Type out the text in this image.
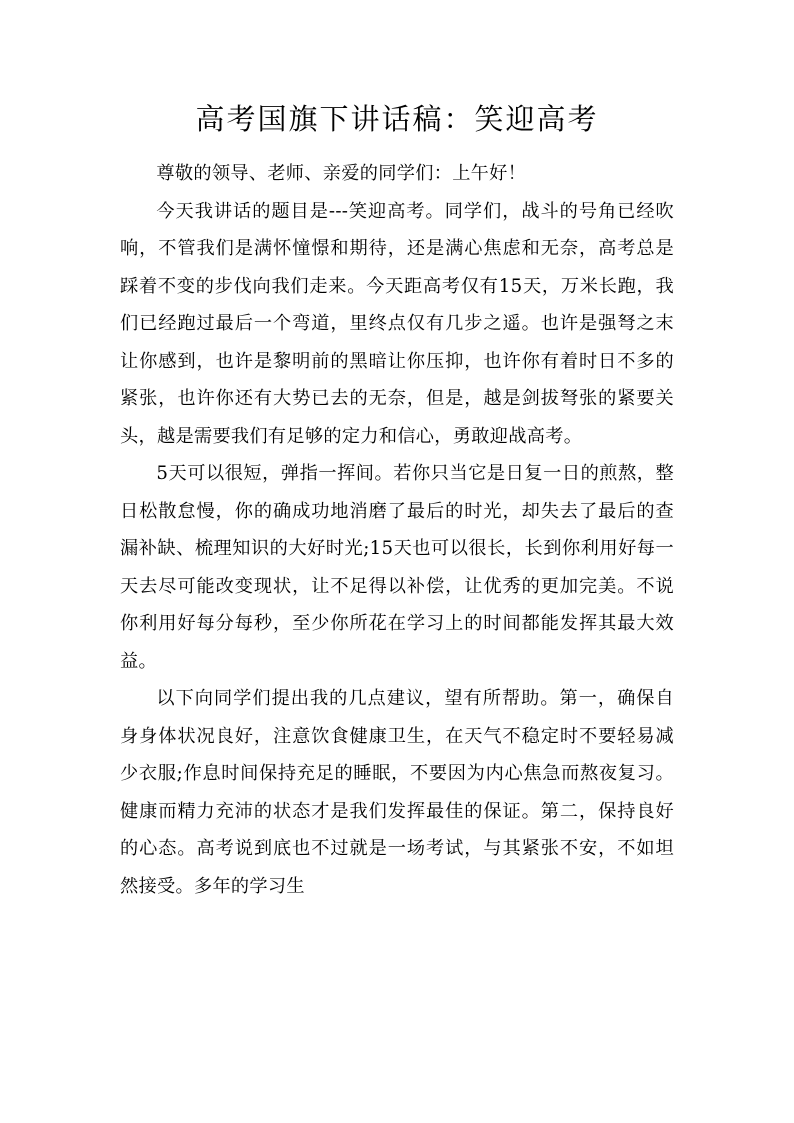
高考国旗下讲话稿：笑迎高考

尊敬的领导、老师、亲爱的同学们：上午好！

今天我讲话的题目是---笑迎高考。同学们，战斗的号角已经吹响，不管我们是满怀憧憬和期待，还是满心焦虑和无奈，高考总是踩着不变的步伐向我们走来。今天距高考仅有15天，万米长跑，我们已经跑过最后一个弯道，里终点仅有几步之遥。也许是强弩之末让你感到，也许是黎明前的黑暗让你压抑，也许你有着时日不多的紧张，也许你还有大势已去的无奈，但是，越是剑拔弩张的紧要关头，越是需要我们有足够的定力和信心，勇敢迎战高考。

5天可以很短，弹指一挥间。若你只当它是日复一日的煎熬，整日松散怠慢，你的确成功地消磨了最后的时光，却失去了最后的查漏补缺、梳理知识的大好时光;15天也可以很长，长到你利用好每一天去尽可能改变现状，让不足得以补偿，让优秀的更加完美。不说你利用好每分每秒，至少你所花在学习上的时间都能发挥其最大效益。

以下向同学们提出我的几点建议，望有所帮助。第一，确保自身身体状况良好，注意饮食健康卫生，在天气不稳定时不要轻易减少衣服;作息时间保持充足的睡眠，不要因为内心焦急而熬夜复习。健康而精力充沛的状态才是我们发挥最佳的保证。第二，保持良好的心态。高考说到底也不过就是一场考试，与其紧张不安，不如坦然接受。多年的学习生
